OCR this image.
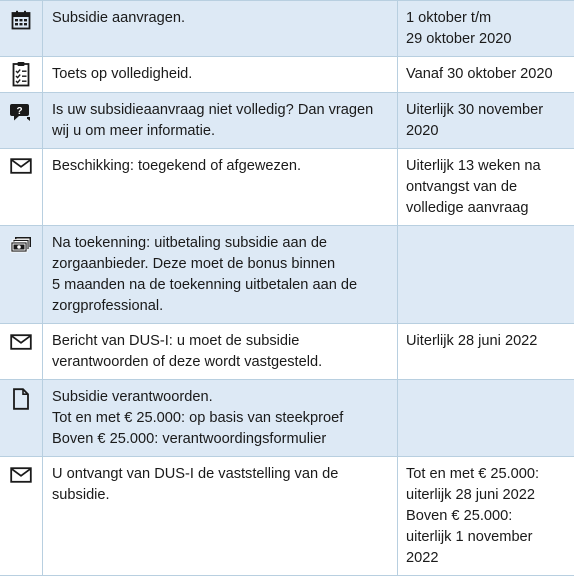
Subsidie aanvragen.	1 oktober t/m
29 oktober 2020

Toets op volledigheid.	Vanaf 30 oktober 2020

?	Is uw subsidieaanvraag niet volledig? Dan vragen
wij u om meer informatie.	Uiterlijk 30 november
2020

Beschikking: toegekend of afgewezen.	Uiterlijk 13 weken na
ontvangst van de
volledige aanvraag

Na toekenning: uitbetaling subsidie aan de
zorgaanbieder. Deze moet de bonus binnen
5 maanden na de toekenning uitbetalen aan de
zorgprofessional.	

Bericht van DUS-I: u moet de subsidie
verantwoorden of deze wordt vastgesteld.	Uiterlijk 28 juni 2022

Subsidie verantwoorden.
Tot en met € 25.000: op basis van steekproef
Boven € 25.000: verantwoordingsformulier	

U ontvangt van DUS-I de vaststelling van de
subsidie.	Tot en met € 25.000:
uiterlijk 28 juni 2022
Boven € 25.000:
uiterlijk 1 november
2022
